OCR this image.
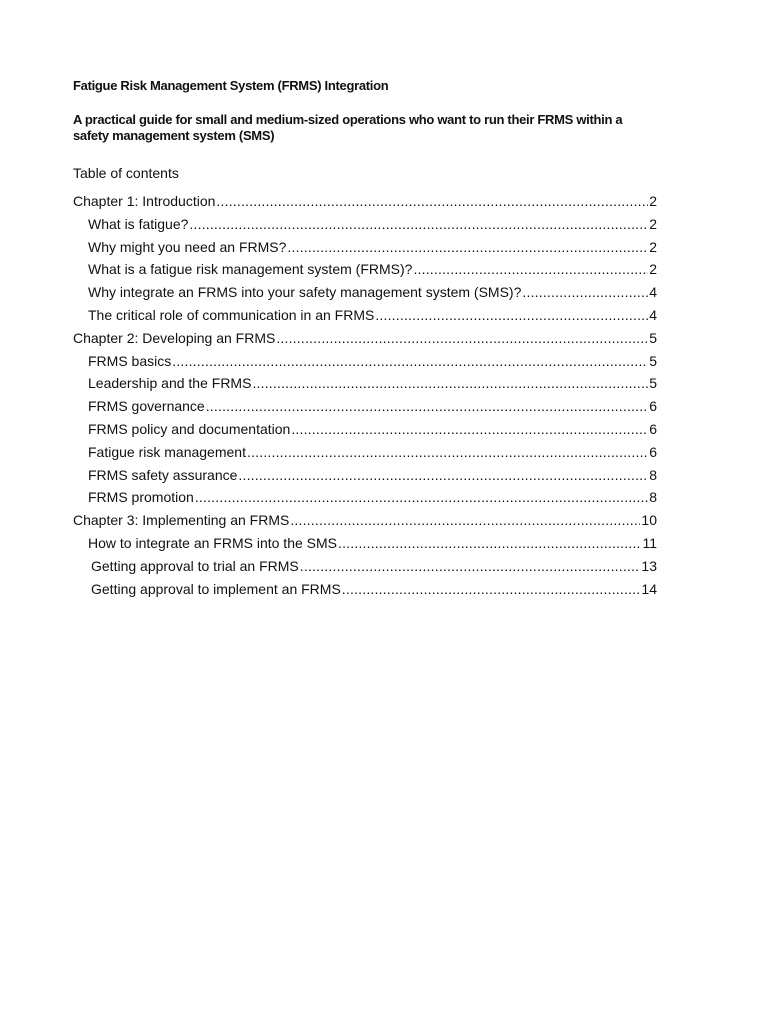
Fatigue Risk Management System (FRMS) Integration

A practical guide for small and medium-sized operations who want to run their FRMS within a safety management system (SMS)

Table of contents

Chapter 1: Introduction .....	2
What is fatigue? .....	2
Why might you need an FRMS? .....	2
What is a fatigue risk management system (FRMS)? .....	2
Why integrate an FRMS into your safety management system (SMS)? .....	4
The critical role of communication in an FRMS .....	4
Chapter 2: Developing an FRMS .....	5
FRMS basics .....	5
Leadership and the FRMS .....	5
FRMS governance .....	6
FRMS policy and documentation .....	6
Fatigue risk management .....	6
FRMS safety assurance .....	8
FRMS promotion .....	8
Chapter 3: Implementing an FRMS .....	10
How to integrate an FRMS into the SMS .....	11
Getting approval to trial an FRMS .....	13
Getting approval to implement an FRMS .....	14
